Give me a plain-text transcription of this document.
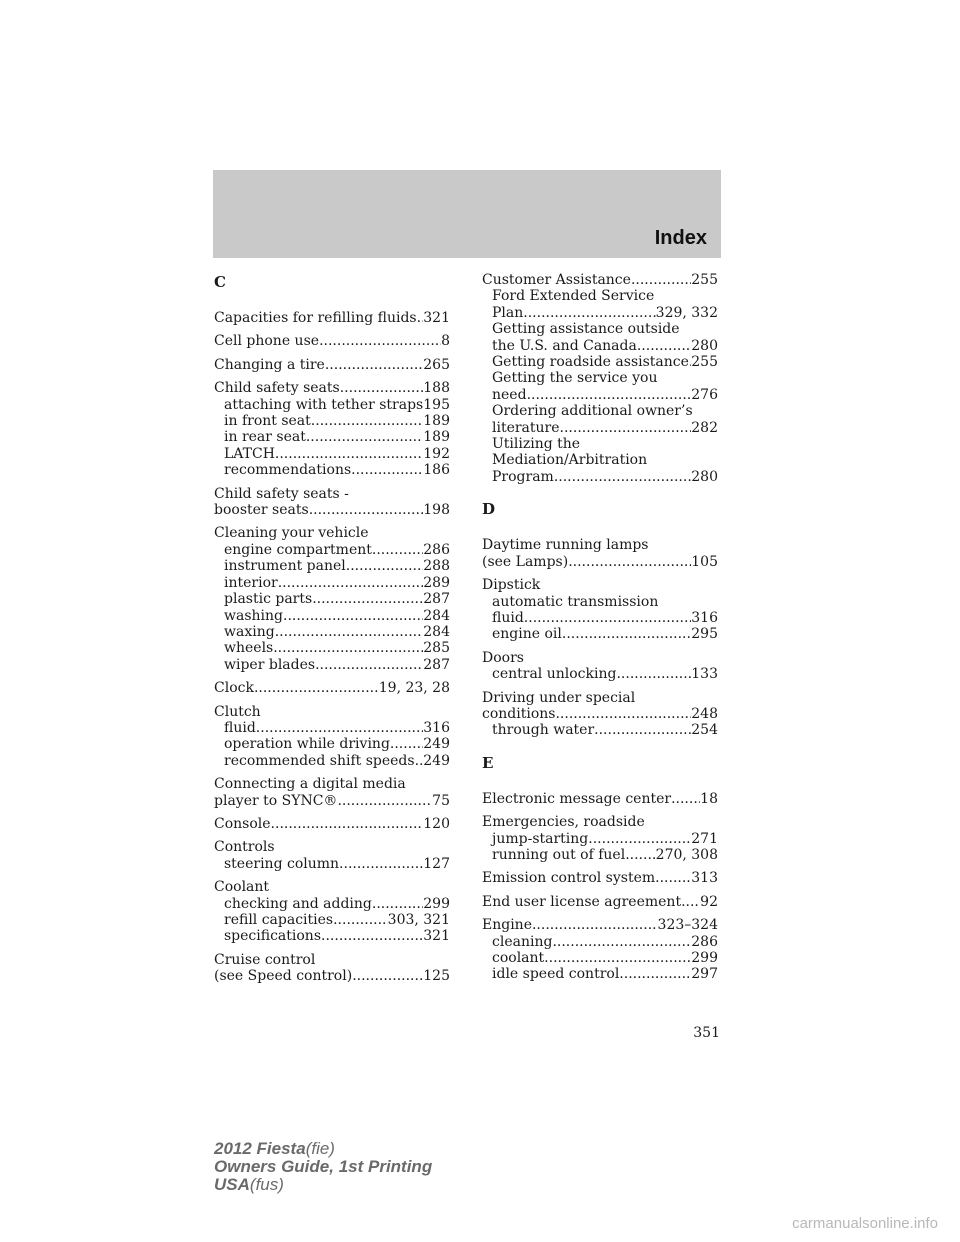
Index
C
Capacities for refilling fluids ..... 321
Cell phone use .....	8
Changing a tire .....	265
Child safety seats .....	188
attaching with tether straps ..... 195
in front seat .....	189
in rear seat .....	189
LATCH .....	192
recommendations .....	186
Child safety seats -
booster seats .....	198
Cleaning your vehicle
engine compartment .....	286
instrument panel .....	288
interior .....	289
plastic parts .....	287
washing .....	284
waxing .....	284
wheels .....	285
wiper blades .....	287
Clock .....	19, 23, 28
Clutch
fluid .....	316
operation while driving ..... 249
recommended shift speeds ..... 249
Connecting a digital media
player to SYNC® .....	75
Console .....	120
Controls
steering column .....	127
Coolant
checking and adding .....	299
refill capacities .....	303, 321
specifications .....	321
Cruise control
(see Speed control) .....	125
Customer Assistance .....	255
Ford Extended Service
Plan .....	329, 332
Getting assistance outside
the U.S. and Canada .....	280
Getting roadside assistance ..... 255
Getting the service you
need .....	276
Ordering additional owner’s
literature .....	282
Utilizing the
Mediation/Arbitration
Program .....	280
D
Daytime running lamps
(see Lamps) .....	105
Dipstick
automatic transmission
fluid .....	316
engine oil .....	295
Doors
central unlocking .....	133
Driving under special
conditions .....	248
through water .....	254
E
Electronic message center ..... 18
Emergencies, roadside
jump-starting .....	271
running out of fuel ..... 270, 308
Emission control system .....	313
End user license agreement ..... 92
Engine .....	323–324
cleaning .....	286
coolant .....	299
idle speed control .....	297
351
2012 Fiesta(fie)
Owners Guide, 1st Printing
USA(fus)
carmanualsonline.info
